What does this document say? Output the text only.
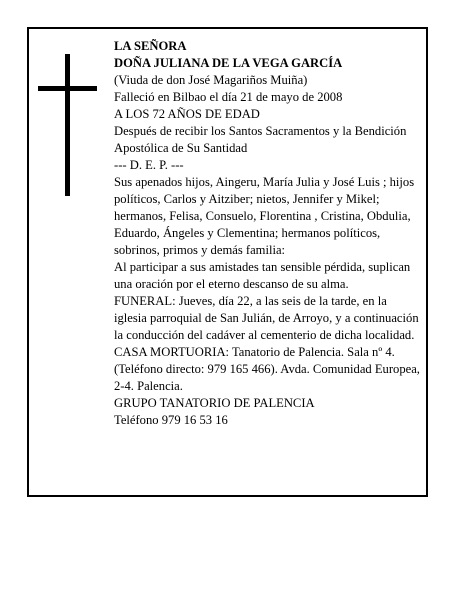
LA SEÑORA

DOÑA JULIANA DE LA VEGA GARCÍA

(Viuda de don José Magariños Muiña)

Falleció en Bilbao el día 21 de mayo de 2008

A LOS 72 AÑOS DE EDAD

Después de recibir los Santos Sacramentos y la Bendición Apostólica de Su Santidad

--- D. E. P. ---

Sus apenados hijos, Aingeru, María Julia y José Luis ; hijos políticos, Carlos y Aitziber; nietos, Jennifer y Mikel; hermanos, Felisa, Consuelo, Florentina , Cristina, Obdulia, Eduardo, Ángeles y Clementina; hermanos políticos, sobrinos, primos y demás familia:

Al participar a sus amistades tan sensible pérdida, suplican una oración por el eterno descanso de su alma.

FUNERAL: Jueves, día 22, a las seis de la tarde, en la iglesia parroquial de San Julián, de Arroyo, y a continuación la conducción del cadáver al cementerio de dicha localidad.

CASA MORTUORIA: Tanatorio de Palencia. Sala nº 4. (Teléfono directo: 979 165 466). Avda. Comunidad Europea, 2-4. Palencia.

GRUPO TANATORIO DE PALENCIA

Teléfono 979 16 53 16
